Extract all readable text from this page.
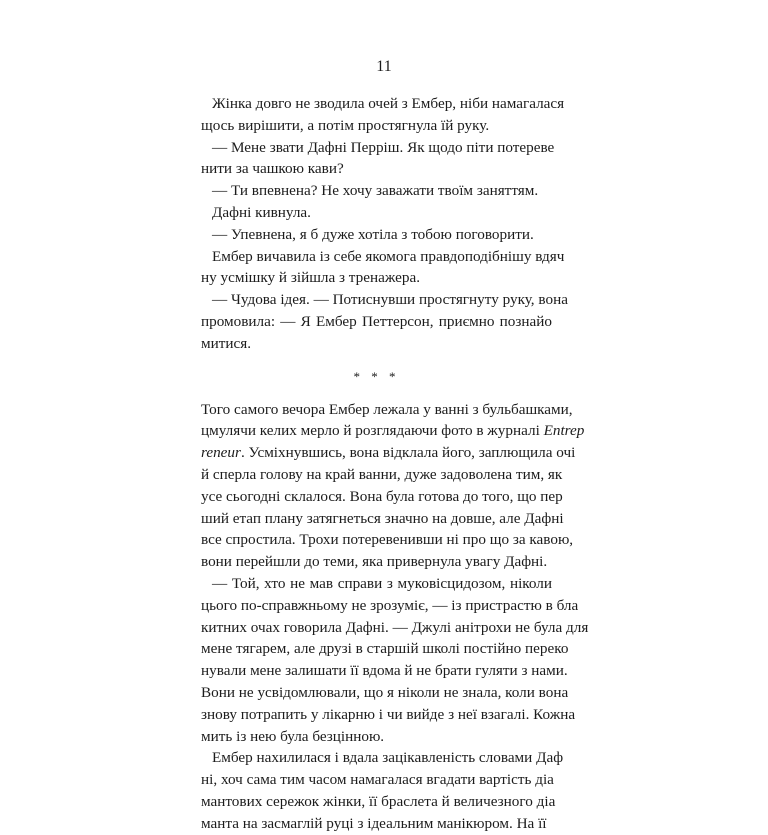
11

Жінка довго не зводила очей з Ембер, ніби намагалася
щось вирішити, а потім простягнула їй руку.

— Мене звати Дафні Перріш. Як щодо піти потереве
нити за чашкою кави?

— Ти впевнена? Не хочу заважати твоїм заняттям.

Дафні кивнула.

— Упевнена, я б дуже хотіла з тобою поговорити.

Ембер вичавила із себе якомога правдоподібнішу вдяч
ну усмішку й зійшла з тренажера.

— Чудова ідея. — Потиснувши простягнуту руку, вона
промовила: — Я Ембер Петтерсон, приємно познайо
митися.

* * *

Того самого вечора Ембер лежала у ванні з бульбашками,
цмулячи келих мерло й розглядаючи фото в журналі Entrep
reneur. Усміхнувшись, вона відклала його, заплющила очі
й сперла голову на край ванни, дуже задоволена тим, як
усе сьогодні склалося. Вона була готова до того, що пер
ший етап плану затягнеться значно на довше, але Дафні
все спростила. Трохи потеревенивши ні про що за кавою,
вони перейшли до теми, яка привернула увагу Дафні.

— Той, хто не мав справи з муковісцидозом, ніколи
цього по-справжньому не зрозуміє, — із пристрастю в бла
китних очах говорила Дафні. — Джулі анітрохи не була для
мене тягарем, але друзі в старшій школі постійно переко
нували мене залишати її вдома й не брати гуляти з нами.
Вони не усвідомлювали, що я ніколи не знала, коли вона
знову потрапить у лікарню і чи вийде з неї взагалі. Кожна
мить із нею була безцінною.

Ембер нахилилася і вдала зацікавленість словами Даф
ні, хоч сама тим часом намагалася вгадати вартість діа
мантових сережок жінки, її браслета й величезного діа
манта на засмаглій руці з ідеальним манікюром. На її
